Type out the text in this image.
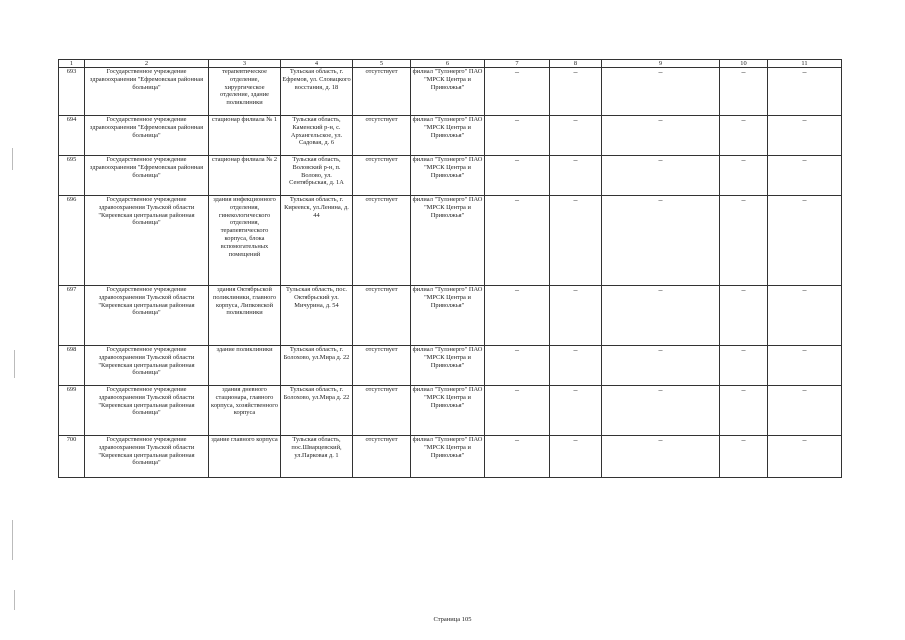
1	2	3	4	5	6	7	8	9	10	11	
693	Государственное учреждение здравоохранения "Ефремовская районная больница"	терапевтическое отделение, хирургическое отделение, здание поликлиники	Тульская область, г. Ефремов, ул. Словацкого восстания, д. 18	отсутствует	филиал "Тулэнерго" ПАО "МРСК Центра и Приволжья"	–	–	–	–	–	
694	Государственное учреждение здравоохранения "Ефремовская районная больница"	стационар филиала № 1	Тульская область, Каменский р-н, с. Архангельское, ул. Садовая, д. 6	отсутствует	филиал "Тулэнерго" ПАО "МРСК Центра и Приволжья"	–	–	–	–	–	
695	Государственное учреждение здравоохранения "Ефремовская районная больница"	стационар филиала № 2	Тульская область, Воловский р-н, п. Волово, ул. Сентябрьская, д. 1А	отсутствует	филиал "Тулэнерго" ПАО "МРСК Центра и Приволжья"	–	–	–	–	–	
696	Государственное учреждение здравоохранения Тульской области "Киреевская центральная районная больница"	здания инфекционного отделения, гинекологического отделения, терапевтического корпуса, блока вспомогательных помещений	Тульская область, г. Киреевск, ул.Ленина, д. 44	отсутствует	филиал "Тулэнерго" ПАО "МРСК Центра и Приволжья"	–	–	–	–	–	
697	Государственное учреждение здравоохранения Тульской области "Киреевская центральная районная больница"	здания Октябрьской поликлиники, главного корпуса, Липковской поликлиники	Тульская область, пос. Октябрьский ул. Мичурина, д. 54	отсутствует	филиал "Тулэнерго" ПАО "МРСК Центра и Приволжья"	–	–	–	–	–	
698	Государственное учреждение здравоохранения Тульской области "Киреевская центральная районная больница"	здание поликлиники	Тульская область, г. Болохово, ул.Мира д. 22	отсутствует	филиал "Тулэнерго" ПАО "МРСК Центра и Приволжья"	–	–	–	–	–	
699	Государственное учреждение здравоохранения Тульской области "Киреевская центральная районная больница"	здания дневного стационара, главного корпуса, хозяйственного корпуса	Тульская область, г. Болохово, ул.Мира д. 22	отсутствует	филиал "Тулэнерго" ПАО "МРСК Центра и Приволжья"	–	–	–	–	–	
700	Государственное учреждение здравоохранения Тульской области "Киреевская центральная районная больница"	здание главного корпуса	Тульская область, пос.Шварцевский, ул.Парковая д. 1	отсутствует	филиал "Тулэнерго" ПАО "МРСК Центра и Приволжья"	–	–	–	–	–	
Страница 105
